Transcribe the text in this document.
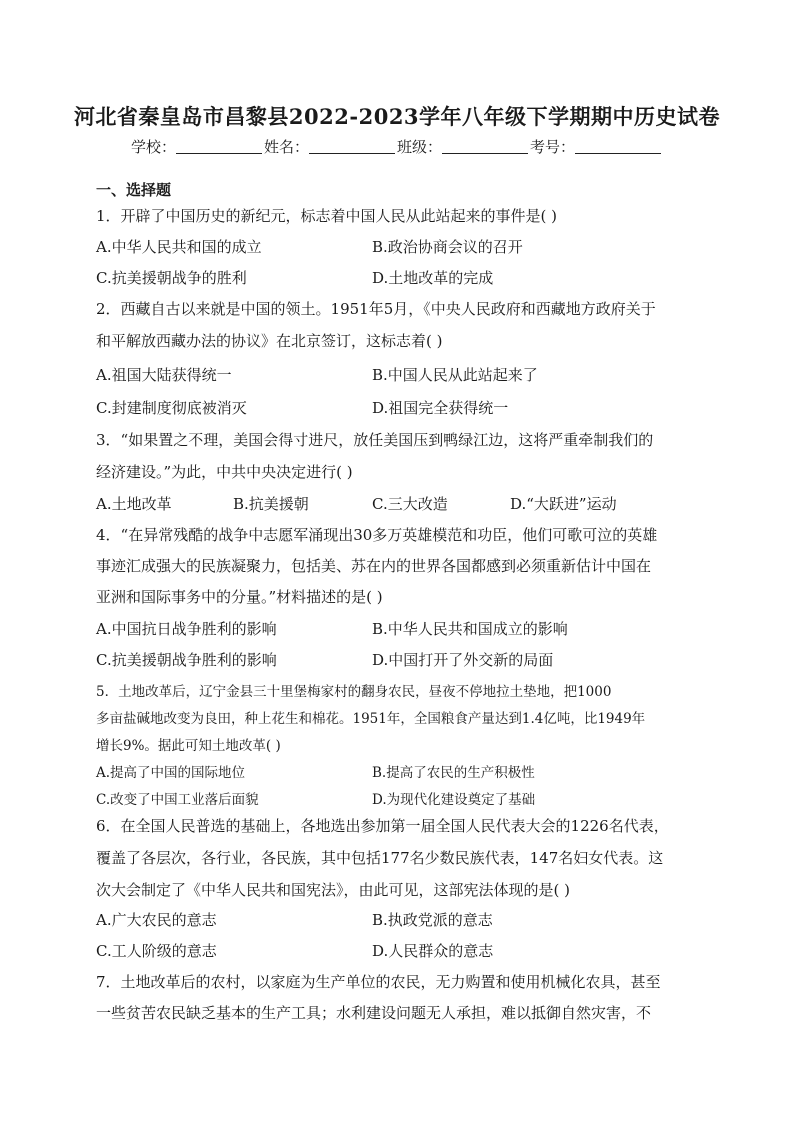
河北省秦皇岛市昌黎县2022-2023学年八年级下学期期中历史试卷
学校：	姓名：	班级：	考号：
一、选择题
1．开辟了中国历史的新纪元，标志着中国人民从此站起来的事件是( )
A.中华人民共和国的成立	B.政治协商会议的召开
C.抗美援朝战争的胜利	D.土地改革的完成
2．西藏自古以来就是中国的领土。1951年5月，《中央人民政府和西藏地方政府关于
和平解放西藏办法的协议》在北京签订，这标志着( )
A.祖国大陆获得统一	B.中国人民从此站起来了
C.封建制度彻底被消灭	D.祖国完全获得统一
3．“如果置之不理，美国会得寸进尺，放任美国压到鸭绿江边，这将严重牵制我们的
经济建设。”为此，中共中央决定进行( )
A.土地改革	B.抗美援朝	C.三大改造	D.“大跃进”运动
4．“在异常残酷的战争中志愿军涌现出30多万英雄模范和功臣，他们可歌可泣的英雄
事迹汇成强大的民族凝聚力，包括美、苏在内的世界各国都感到必须重新估计中国在
亚洲和国际事务中的分量。”材料描述的是( )
A.中国抗日战争胜利的影响	B.中华人民共和国成立的影响
C.抗美援朝战争胜利的影响	D.中国打开了外交新的局面
5．土地改革后，辽宁金县三十里堡梅家村的翻身农民，昼夜不停地拉土垫地，把1000
多亩盐碱地改变为良田，种上花生和棉花。1951年，全国粮食产量达到1.4亿吨，比1949年
增长9%。据此可知土地改革( )
A.提高了中国的国际地位	B.提高了农民的生产积极性
C.改变了中国工业落后面貌	D.为现代化建设奠定了基础
6．在全国人民普选的基础上，各地选出参加第一届全国人民代表大会的1226名代表，
覆盖了各层次，各行业，各民族，其中包括177名少数民族代表，147名妇女代表。这
次大会制定了《中华人民共和国宪法》，由此可见，这部宪法体现的是( )
A.广大农民的意志	B.执政党派的意志
C.工人阶级的意志	D.人民群众的意志
7．土地改革后的农村，以家庭为生产单位的农民，无力购置和使用机械化农具，甚至
一些贫苦农民缺乏基本的生产工具；水利建设问题无人承担，难以抵御自然灾害，不
